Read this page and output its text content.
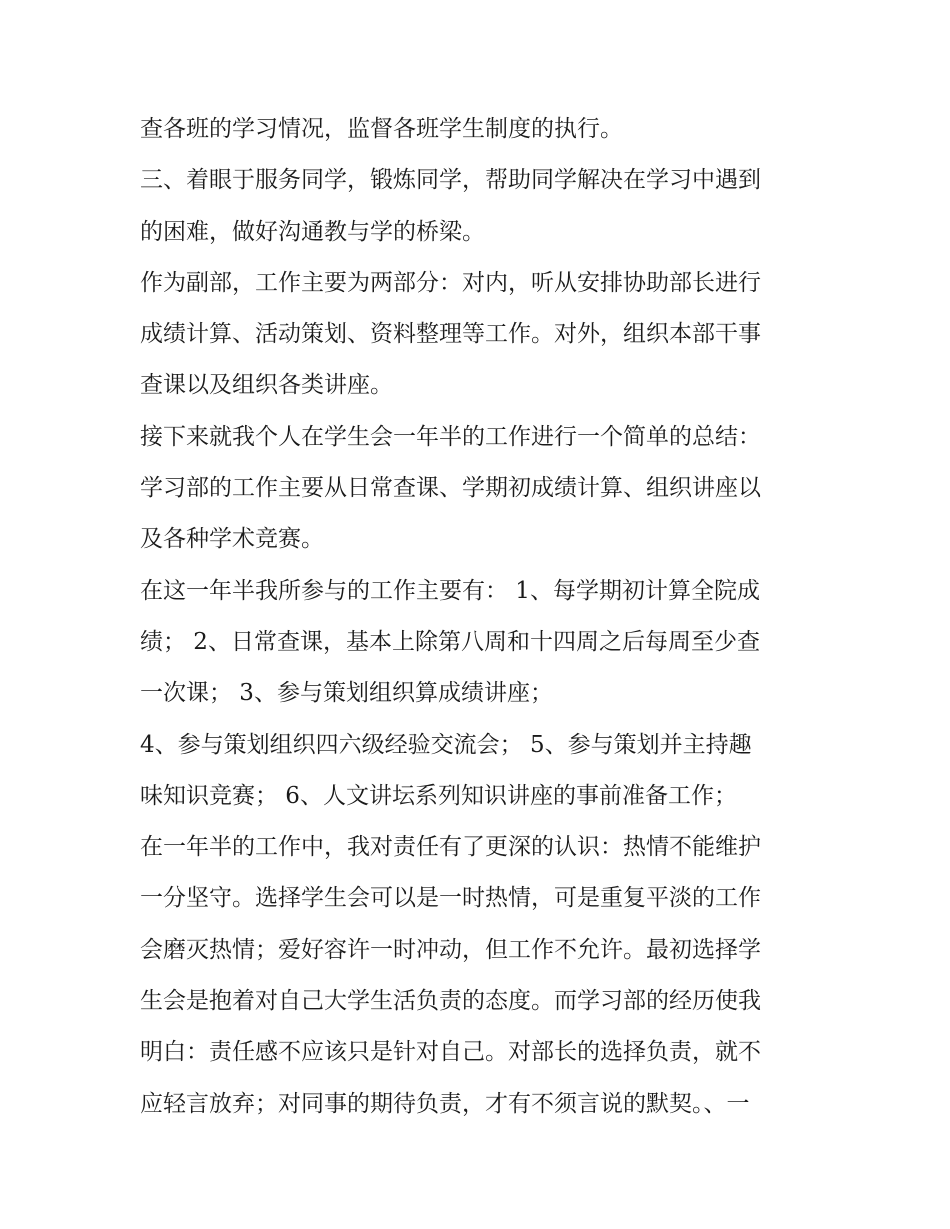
查各班的学习情况，监督各班学生制度的执行。

三、着眼于服务同学，锻炼同学，帮助同学解决在学习中遇到

的困难，做好沟通教与学的桥梁。

作为副部，工作主要为两部分：对内，听从安排协助部长进行

成绩计算、活动策划、资料整理等工作。对外，组织本部干事

查课以及组织各类讲座。

接下来就我个人在学生会一年半的工作进行一个简单的总结：

学习部的工作主要从日常查课、学期初成绩计算、组织讲座以

及各种学术竞赛。

在这一年半我所参与的工作主要有： 1、每学期初计算全院成

绩； 2、日常查课，基本上除第八周和十四周之后每周至少查

一次课； 3、参与策划组织算成绩讲座；

4、参与策划组织四六级经验交流会； 5、参与策划并主持趣

味知识竞赛； 6、人文讲坛系列知识讲座的事前准备工作；

在一年半的工作中，我对责任有了更深的认识：热情不能维护

一分坚守。选择学生会可以是一时热情，可是重复平淡的工作

会磨灭热情；爱好容许一时冲动，但工作不允许。最初选择学

生会是抱着对自己大学生活负责的态度。而学习部的经历使我

明白：责任感不应该只是针对自己。对部长的选择负责，就不

应轻言放弃；对同事的期待负责，才有不须言说的默契。、一
